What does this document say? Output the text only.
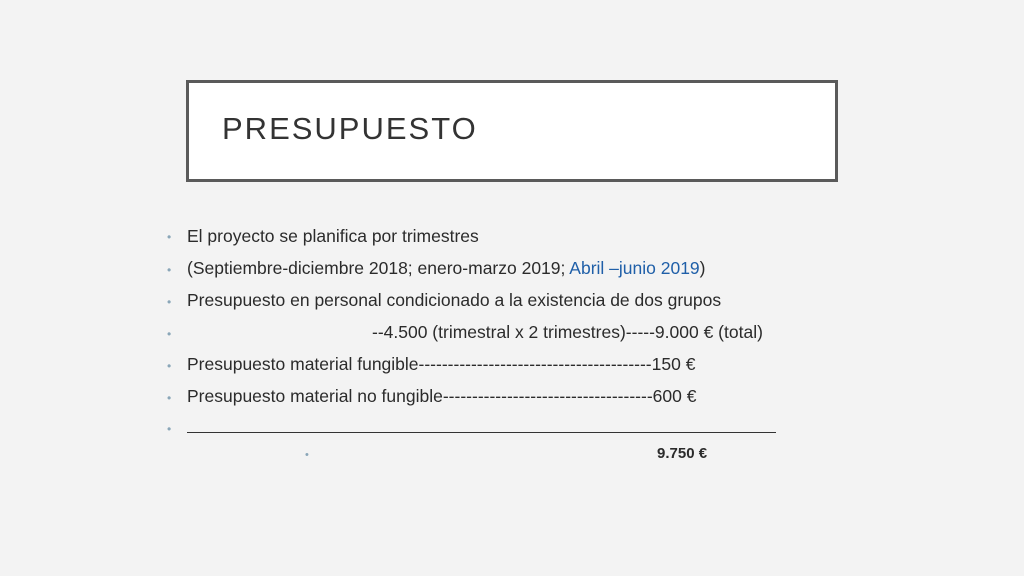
PRESUPUESTO
• El proyecto se planifica por trimestres
• (Septiembre-diciembre 2018; enero-marzo 2019; Abril –junio 2019)
• Presupuesto en personal condicionado a la existencia de dos grupos
•	--4.500 (trimestral x 2 trimestres)-----9.000 € (total)
• Presupuesto material fungible----------------------------------------150 €
• Presupuesto material no fungible------------------------------------600 €
•
•	9.750 €
